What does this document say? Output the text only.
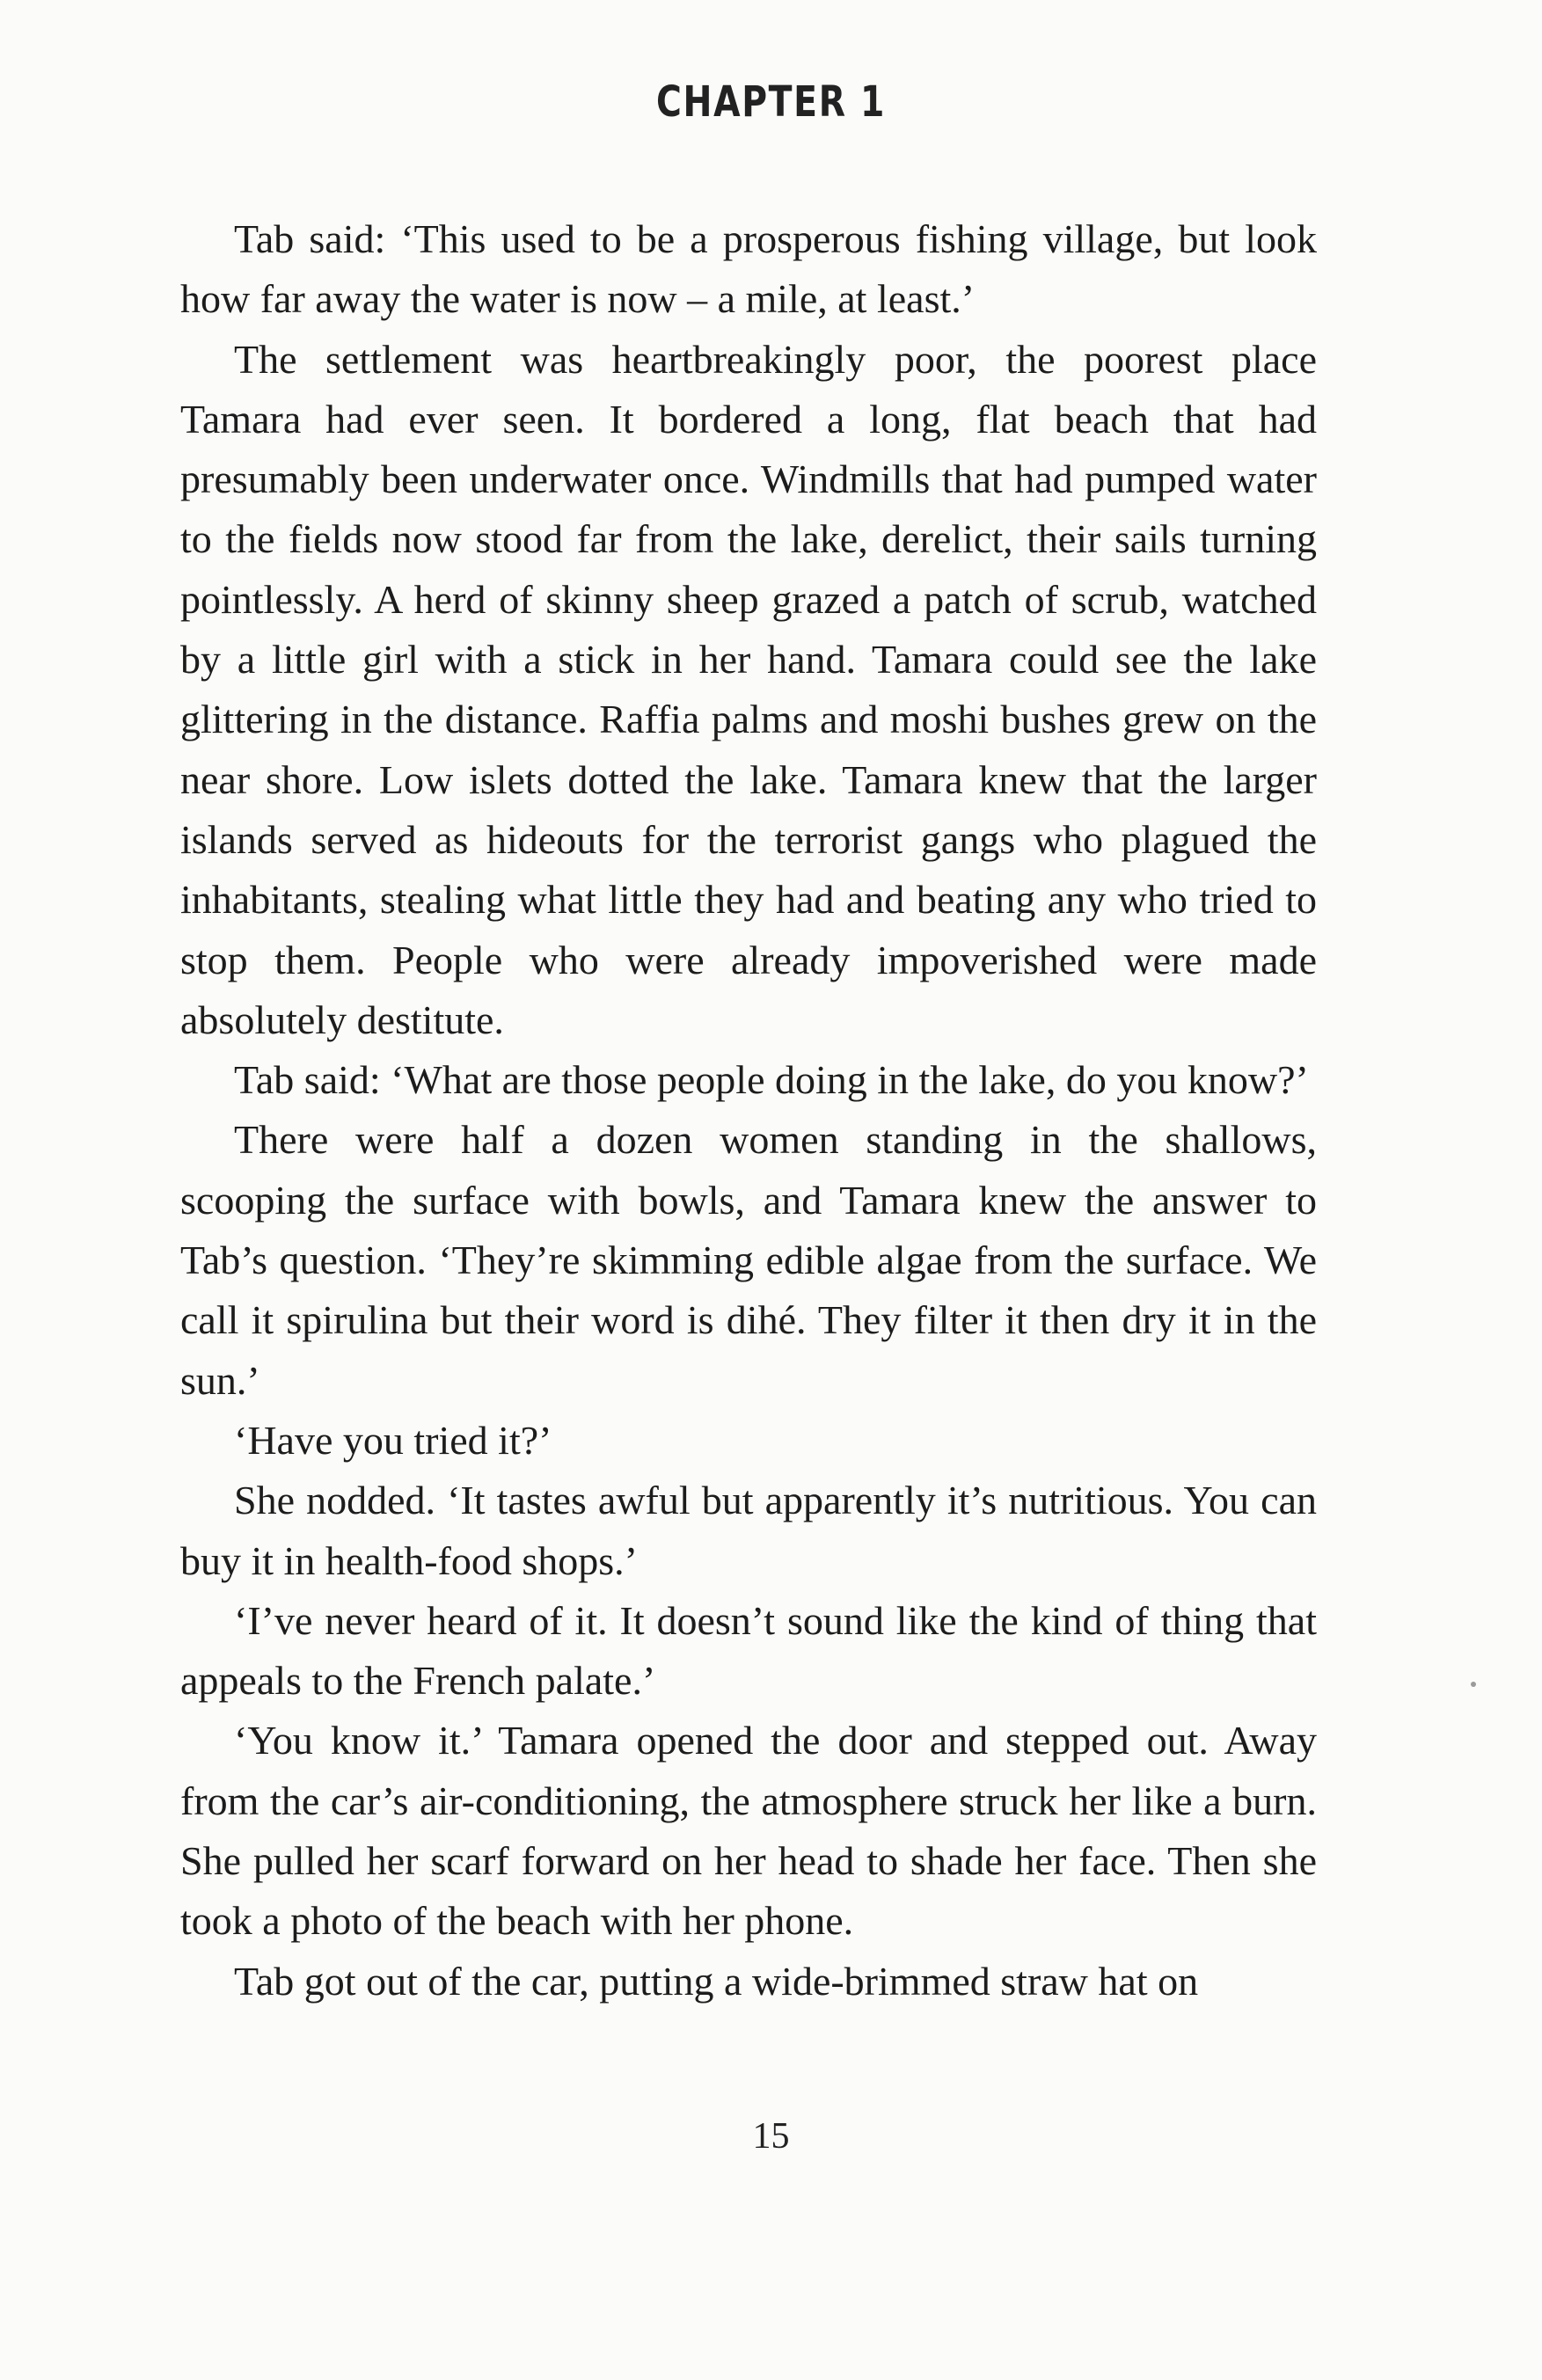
CHAPTER 1

Tab said: ‘This used to be a prosperous fishing village, but look how far away the water is now – a mile, at least.’

The settlement was heartbreakingly poor, the poorest place Tamara had ever seen. It bordered a long, flat beach that had presumably been underwater once. Windmills that had pumped water to the fields now stood far from the lake, derelict, their sails turning pointlessly. A herd of skinny sheep grazed a patch of scrub, watched by a little girl with a stick in her hand. Tamara could see the lake glittering in the distance. Raffia palms and moshi bushes grew on the near shore. Low islets dotted the lake. Tamara knew that the larger islands served as hideouts for the terrorist gangs who plagued the inhabitants, stealing what little they had and beating any who tried to stop them. People who were already impoverished were made absolutely destitute.

Tab said: ‘What are those people doing in the lake, do you know?’

There were half a dozen women standing in the shallows, scooping the surface with bowls, and Tamara knew the answer to Tab’s question. ‘They’re skimming edible algae from the surface. We call it spirulina but their word is dihé. They filter it then dry it in the sun.’

‘Have you tried it?’

She nodded. ‘It tastes awful but apparently it’s nutritious. You can buy it in health-food shops.’

‘I’ve never heard of it. It doesn’t sound like the kind of thing that appeals to the French palate.’

‘You know it.’ Tamara opened the door and stepped out. Away from the car’s air-conditioning, the atmosphere struck her like a burn. She pulled her scarf forward on her head to shade her face. Then she took a photo of the beach with her phone.

Tab got out of the car, putting a wide-brimmed straw hat on

15
